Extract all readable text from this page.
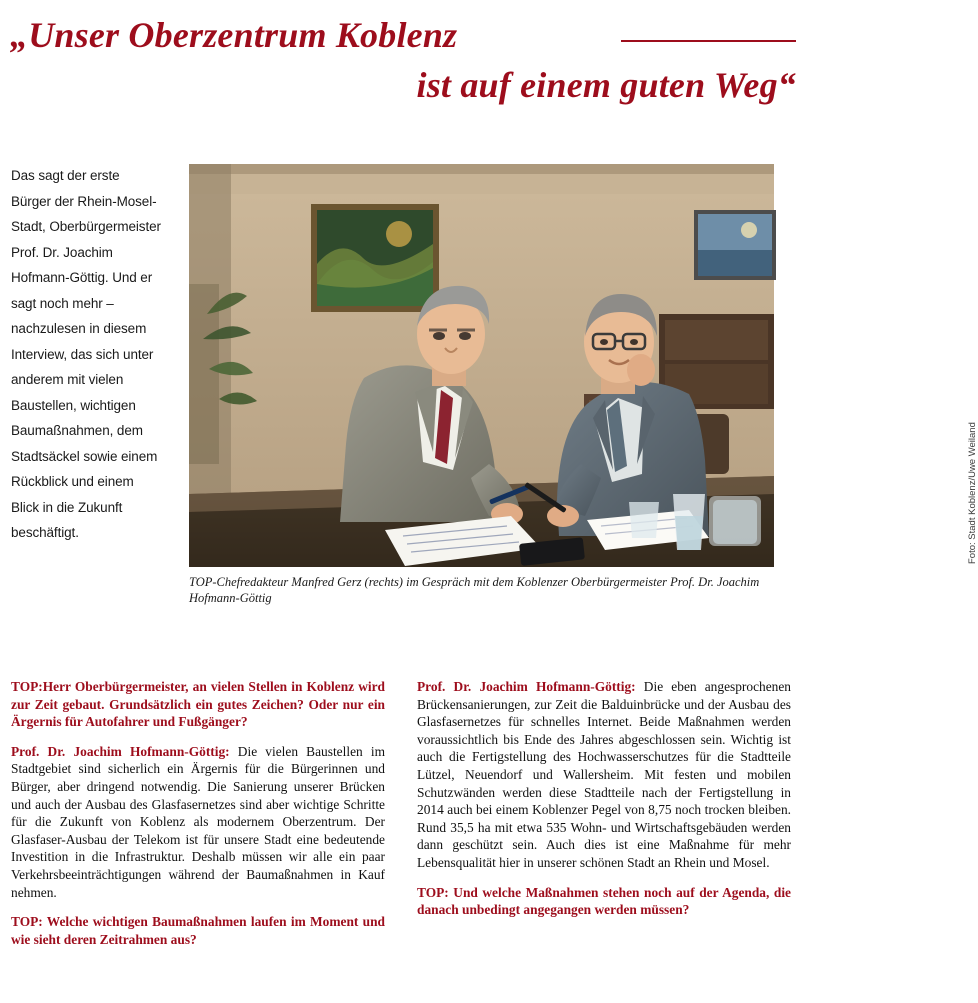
„Unser Oberzentrum Koblenz
ist auf einem guten Weg“
Das sagt der erste Bürger der Rhein-Mosel-Stadt, Oberbürgermeister Prof. Dr. Joachim Hofmann-Göttig. Und er sagt noch mehr – nachzulesen in diesem Interview, das sich unter anderem mit vielen Baustellen, wichtigen Baumaßnahmen, dem Stadtsäckel sowie einem Rückblick und einem Blick in die Zukunft beschäftigt.	Foto: Stadt Koblenz/Uwe Weiland
TOP-Chefredakteur Manfred Gerz (rechts) im Gespräch mit dem Koblenzer Oberbürgermeister Prof. Dr. Joachim Hofmann-Göttig

TOP:Herr Oberbürgermeister, an vielen Stellen in Koblenz wird zur Zeit gebaut. Grundsätzlich ein gutes Zeichen? Oder nur ein Ärgernis für Autofahrer und Fußgänger?

Prof. Dr. Joachim Hofmann-Göttig: Die vielen Baustellen im Stadtgebiet sind sicherlich ein Ärgernis für die Bürgerinnen und Bürger, aber dringend notwendig. Die Sanierung unserer Brücken und auch der Ausbau des Glasfasernetzes sind aber wichtige Schritte für die Zukunft von Koblenz als modernem Oberzentrum. Der Glasfaser-Ausbau der Telekom ist für unsere Stadt eine bedeutende Investition in die Infrastruktur. Deshalb müssen wir alle ein paar Verkehrsbeeinträchtigungen während der Baumaßnahmen in Kauf nehmen.

TOP: Welche wichtigen Baumaßnahmen laufen im Moment und wie sieht deren Zeitrahmen aus?

Prof. Dr. Joachim Hofmann-Göttig: Die eben angesprochenen Brückensanierungen, zur Zeit die Balduinbrücke und der Ausbau des Glasfasernetzes für schnelles Internet. Beide Maßnahmen werden voraussichtlich bis Ende des Jahres abgeschlossen sein. Wichtig ist auch die Fertigstellung des Hochwasserschutzes für die Stadtteile Lützel, Neuendorf und Wallersheim. Mit festen und mobilen Schutzwänden werden diese Stadtteile nach der Fertigstellung in 2014 auch bei einem Koblenzer Pegel von 8,75 noch trocken bleiben. Rund 35,5 ha mit etwa 535 Wohn- und Wirtschaftsgebäuden werden dann geschützt sein. Auch dies ist eine Maßnahme für mehr Lebensqualität hier in unserer schönen Stadt an Rhein und Mosel.

TOP: Und welche Maßnahmen stehen noch auf der Agenda, die danach unbedingt angegangen werden müssen?
